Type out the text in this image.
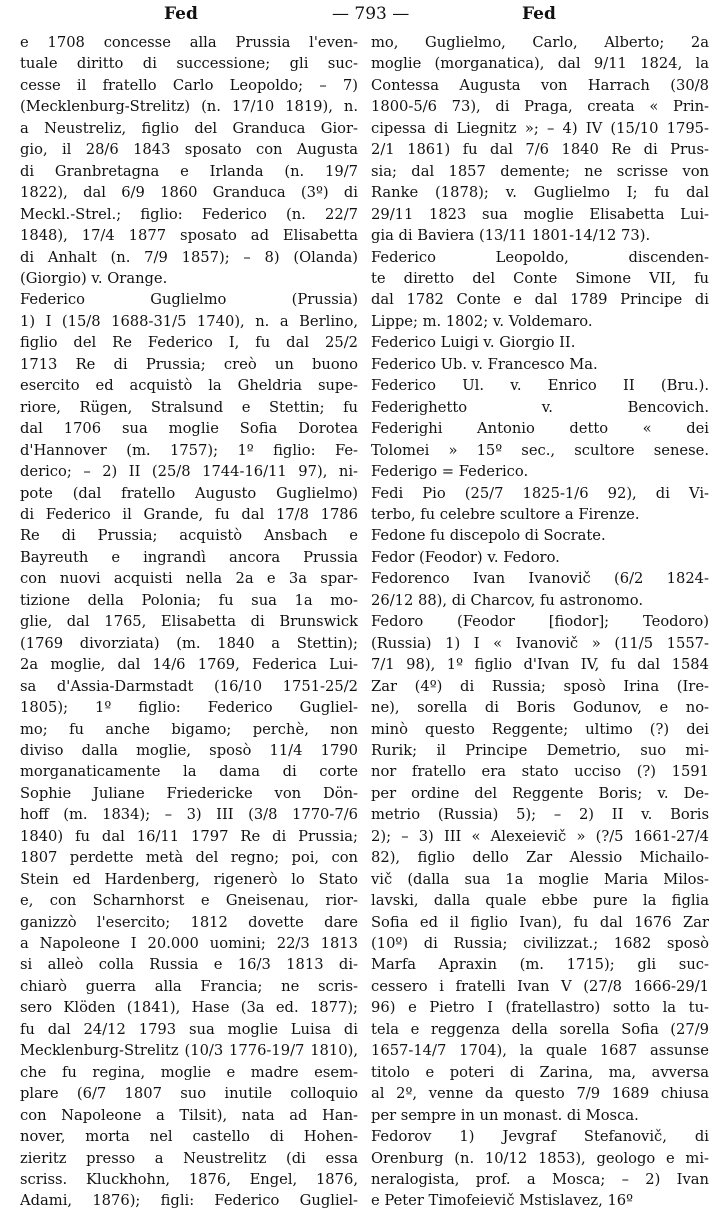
Fed	— 793 —	Fed
e 1708 concesse alla Prussia l'even-
tuale diritto di successione; gli suc-
cesse il fratello Carlo Leopoldo; – 7)
(Mecklenburg-Strelitz) (n. 17/10 1819), n.
a Neustreliz, figlio del Granduca Gior-
gio, il 28/6 1843 sposato con Augusta
di Granbretagna e Irlanda (n. 19/7
1822), dal 6/9 1860 Granduca (3º) di
Meckl.-Strel.; figlio: Federico (n. 22/7
1848), 17/4 1877 sposato ad Elisabetta
di Anhalt (n. 7/9 1857); – 8) (Olanda)
(Giorgio) v. Orange.
Federico Guglielmo (Prussia)
1) I (15/8 1688-31/5 1740), n. a Berlino,
figlio del Re Federico I, fu dal 25/2
1713 Re di Prussia; creò un buono
esercito ed acquistò la Gheldria supe-
riore, Rügen, Stralsund e Stettin; fu
dal 1706 sua moglie Sofia Dorotea
d'Hannover (m. 1757); 1º figlio: Fe-
derico; – 2) II (25/8 1744-16/11 97), ni-
pote (dal fratello Augusto Guglielmo)
di Federico il Grande, fu dal 17/8 1786
Re di Prussia; acquistò Ansbach e
Bayreuth e ingrandì ancora Prussia
con nuovi acquisti nella 2a e 3a spar-
tizione della Polonia; fu sua 1a mo-
glie, dal 1765, Elisabetta di Brunswick
(1769 divorziata) (m. 1840 a Stettin);
2a moglie, dal 14/6 1769, Federica Lui-
sa d'Assia-Darmstadt (16/10 1751-25/2
1805); 1º figlio: Federico Gugliel-
mo; fu anche bigamo; perchè, non
diviso dalla moglie, sposò 11/4 1790
morganaticamente la dama di corte
Sophie Juliane Friedericke von Dön-
hoff (m. 1834); – 3) III (3/8 1770-7/6
1840) fu dal 16/11 1797 Re di Prussia;
1807 perdette metà del regno; poi, con
Stein ed Hardenberg, rigenerò lo Stato
e, con Scharnhorst e Gneisenau, rior-
ganizzò l'esercito; 1812 dovette dare
a Napoleone I 20.000 uomini; 22/3 1813
si alleò colla Russia e 16/3 1813 di-
chiarò guerra alla Francia; ne scris-
sero Klöden (1841), Hase (3a ed. 1877);
fu dal 24/12 1793 sua moglie Luisa di
Mecklenburg-Strelitz (10/3 1776-19/7 1810),
che fu regina, moglie e madre esem-
plare (6/7 1807 suo inutile colloquio
con Napoleone a Tilsit), nata ad Han-
nover, morta nel castello di Hohen-
zieritz presso a Neustrelitz (di essa
scriss. Kluckhohn, 1876, Engel, 1876,
Adami, 1876); figli: Federico Gugliel-
mo, Guglielmo, Carlo, Alberto; 2a
moglie (morganatica), dal 9/11 1824, la
Contessa Augusta von Harrach (30/8
1800-5/6 73), di Praga, creata « Prin-
cipessa di Liegnitz »; – 4) IV (15/10 1795-
2/1 1861) fu dal 7/6 1840 Re di Prus-
sia; dal 1857 demente; ne scrisse von
Ranke (1878); v. Guglielmo I; fu dal
29/11 1823 sua moglie Elisabetta Lui-
gia di Baviera (13/11 1801-14/12 73).
Federico Leopoldo, discenden-
te diretto del Conte Simone VII, fu
dal 1782 Conte e dal 1789 Principe di
Lippe; m. 1802; v. Voldemaro.
Federico Luigi v. Giorgio II.
Federico Ub. v. Francesco Ma.
Federico Ul. v. Enrico II (Bru.).
Federighetto v. Bencovich.
Federighi Antonio detto « dei
Tolomei » 15º sec., scultore senese.
Federigo = Federico.
Fedi Pio (25/7 1825-1/6 92), di Vi-
terbo, fu celebre scultore a Firenze.
Fedone fu discepolo di Socrate.
Fedor (Feodor) v. Fedoro.
Fedorenco Ivan Ivanovič (6/2 1824-
26/12 88), di Charcov, fu astronomo.
Fedoro (Feodor [fiodor]; Teodoro)
(Russia) 1) I « Ivanovič » (11/5 1557-
7/1 98), 1º figlio d'Ivan IV, fu dal 1584
Zar (4º) di Russia; sposò Irina (Ire-
ne), sorella di Boris Godunov, e no-
minò questo Reggente; ultimo (?) dei
Rurik; il Principe Demetrio, suo mi-
nor fratello era stato ucciso (?) 1591
per ordine del Reggente Boris; v. De-
metrio (Russia) 5); – 2) II v. Boris
2); – 3) III « Alexeievič » (?/5 1661-27/4
82), figlio dello Zar Alessio Michailo-
vič (dalla sua 1a moglie Maria Milos-
lavski, dalla quale ebbe pure la figlia
Sofia ed il figlio Ivan), fu dal 1676 Zar
(10º) di Russia; civilizzat.; 1682 sposò
Marfa Apraxin (m. 1715); gli suc-
cessero i fratelli Ivan V (27/8 1666-29/1
96) e Pietro I (fratellastro) sotto la tu-
tela e reggenza della sorella Sofia (27/9
1657-14/7 1704), la quale 1687 assunse
titolo e poteri di Zarina, ma, avversa
al 2º, venne da questo 7/9 1689 chiusa
per sempre in un monast. di Mosca.
Fedorov 1) Jevgraf Stefanovič, di
Orenburg (n. 10/12 1853), geologo e mi-
neralogista, prof. a Mosca; – 2) Ivan
e Peter Timofeievič Mstislavez, 16º
